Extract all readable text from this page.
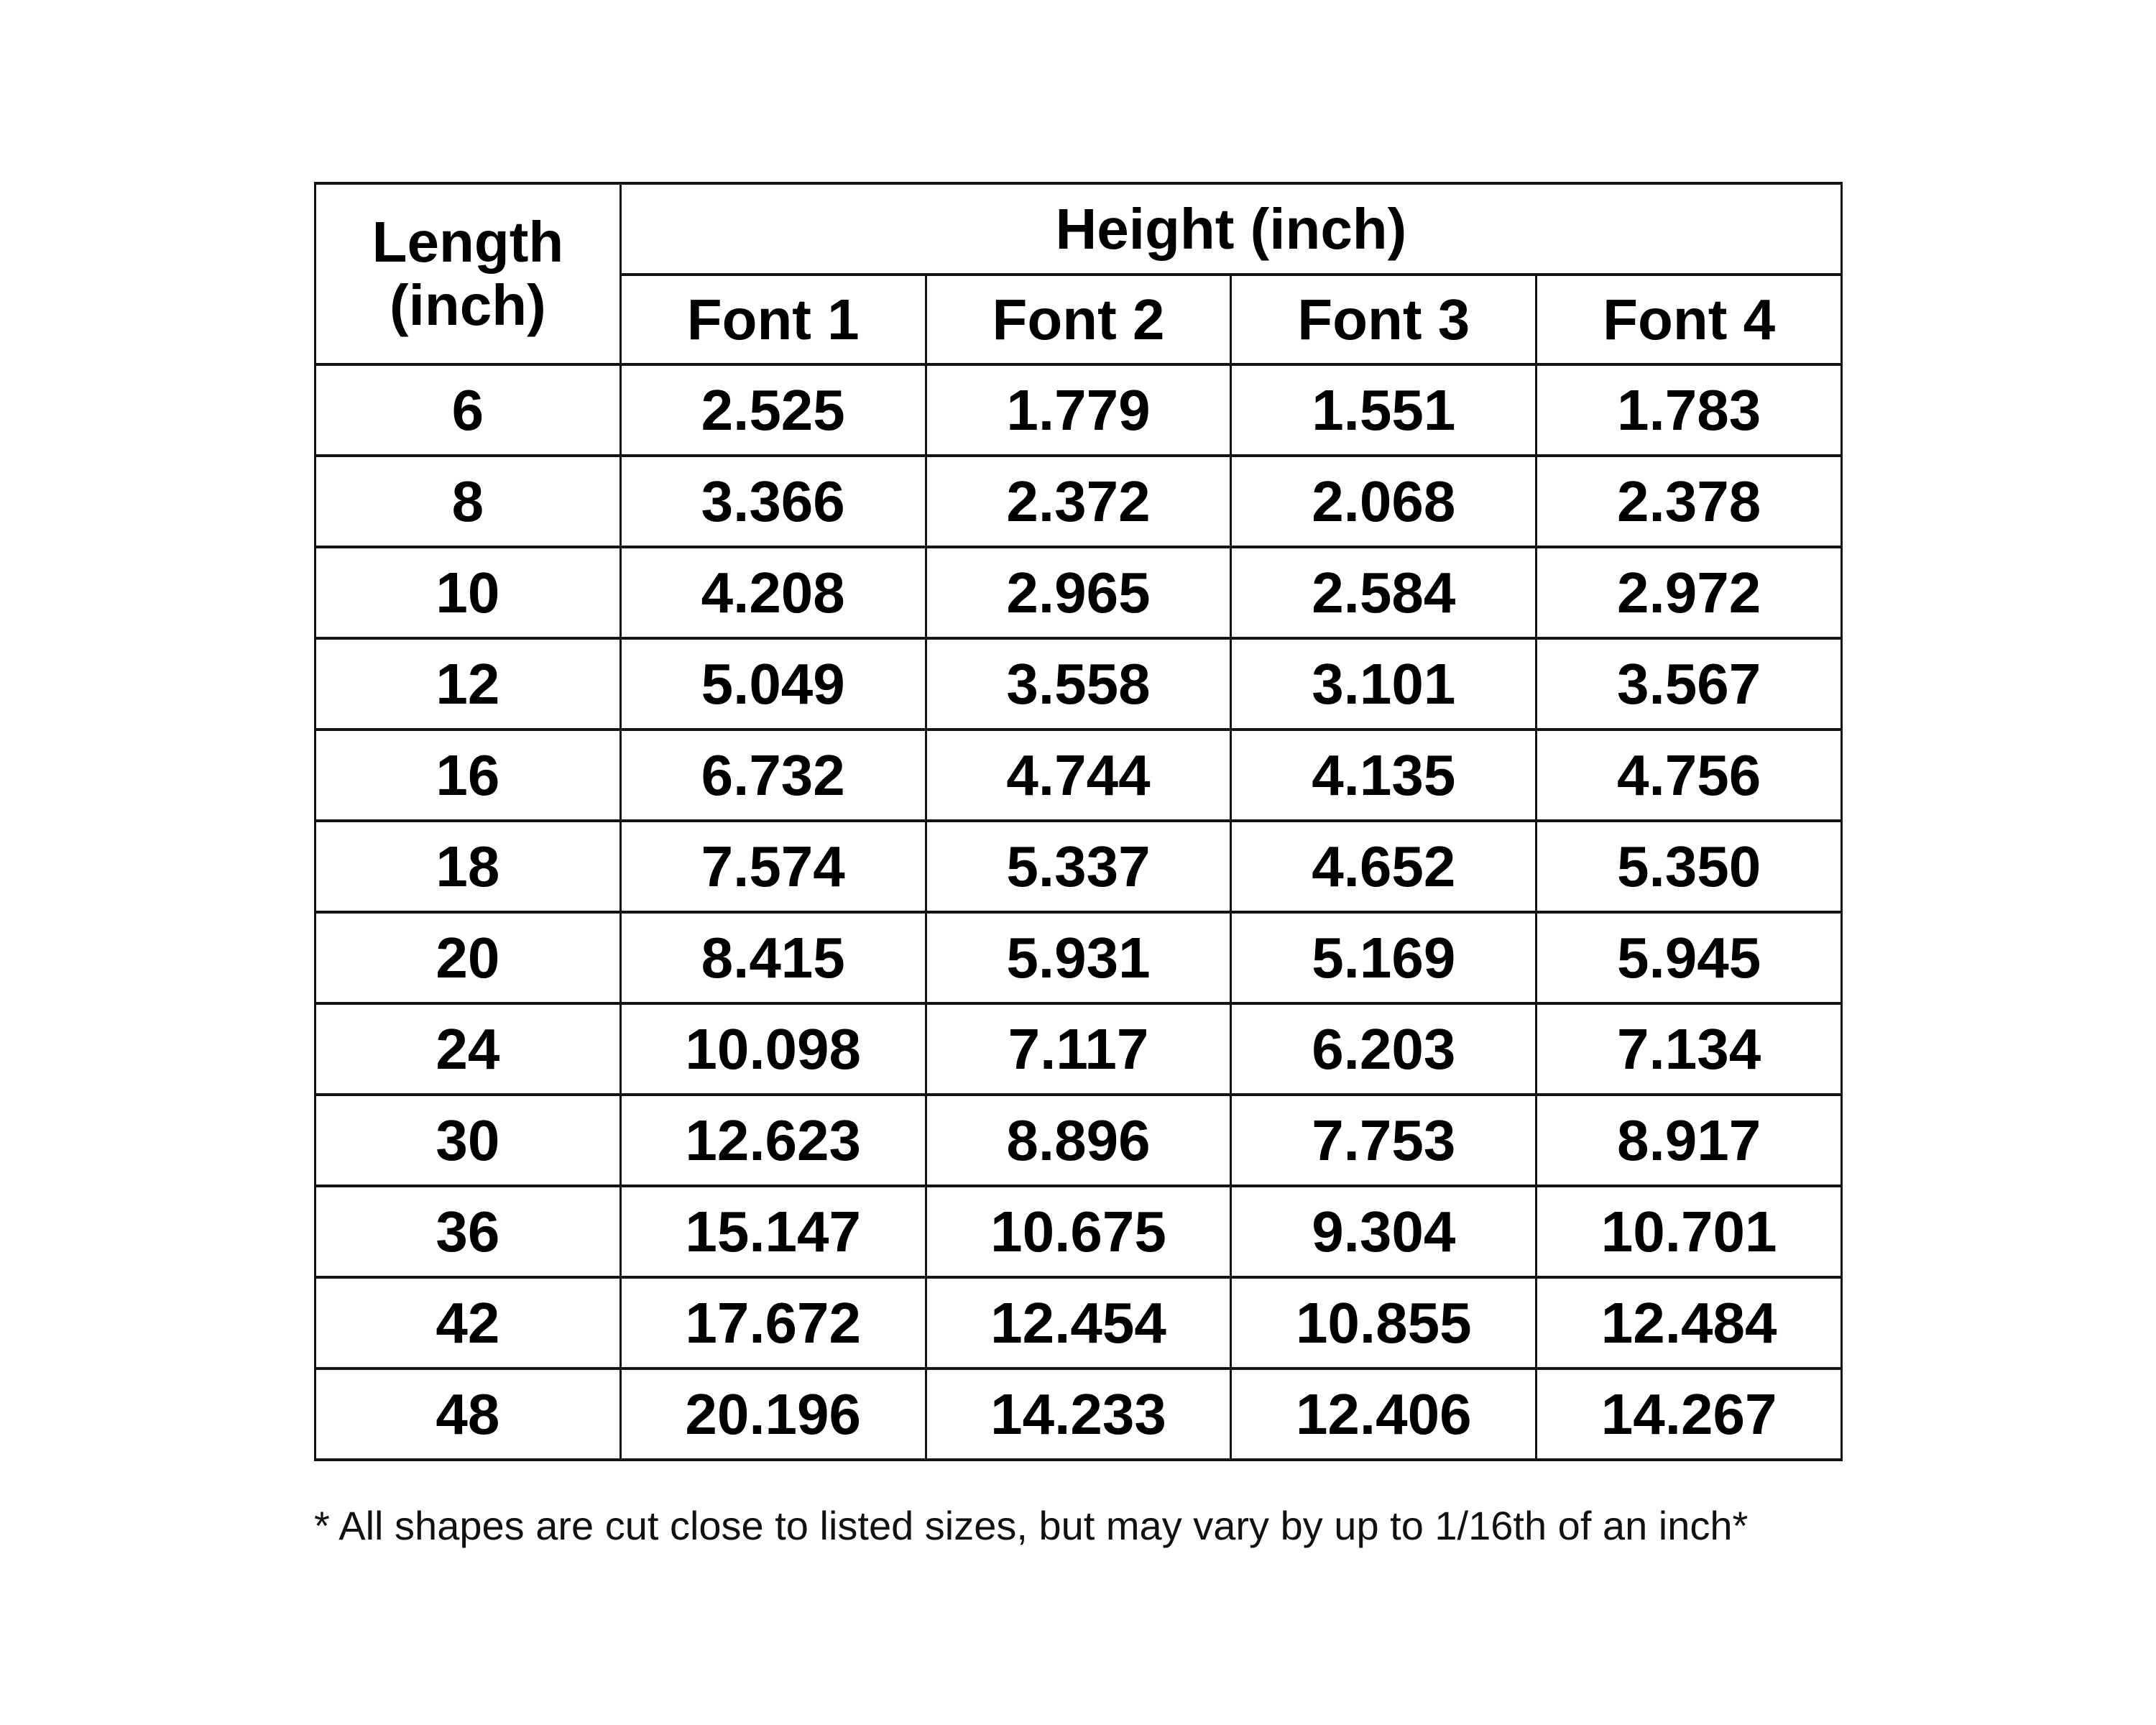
Length
(inch)	Height (inch)			
	Font 1	Font 2	Font 3	Font 4
6	2.525	1.779	1.551	1.783
8	3.366	2.372	2.068	2.378
10	4.208	2.965	2.584	2.972
12	5.049	3.558	3.101	3.567
16	6.732	4.744	4.135	4.756
18	7.574	5.337	4.652	5.350
20	8.415	5.931	5.169	5.945
24	10.098	7.117	6.203	7.134
30	12.623	8.896	7.753	8.917
36	15.147	10.675	9.304	10.701
42	17.672	12.454	10.855	12.484
48	20.196	14.233	12.406	14.267
* All shapes are cut close to listed sizes, but may vary by up to 1/16th of an inch*
